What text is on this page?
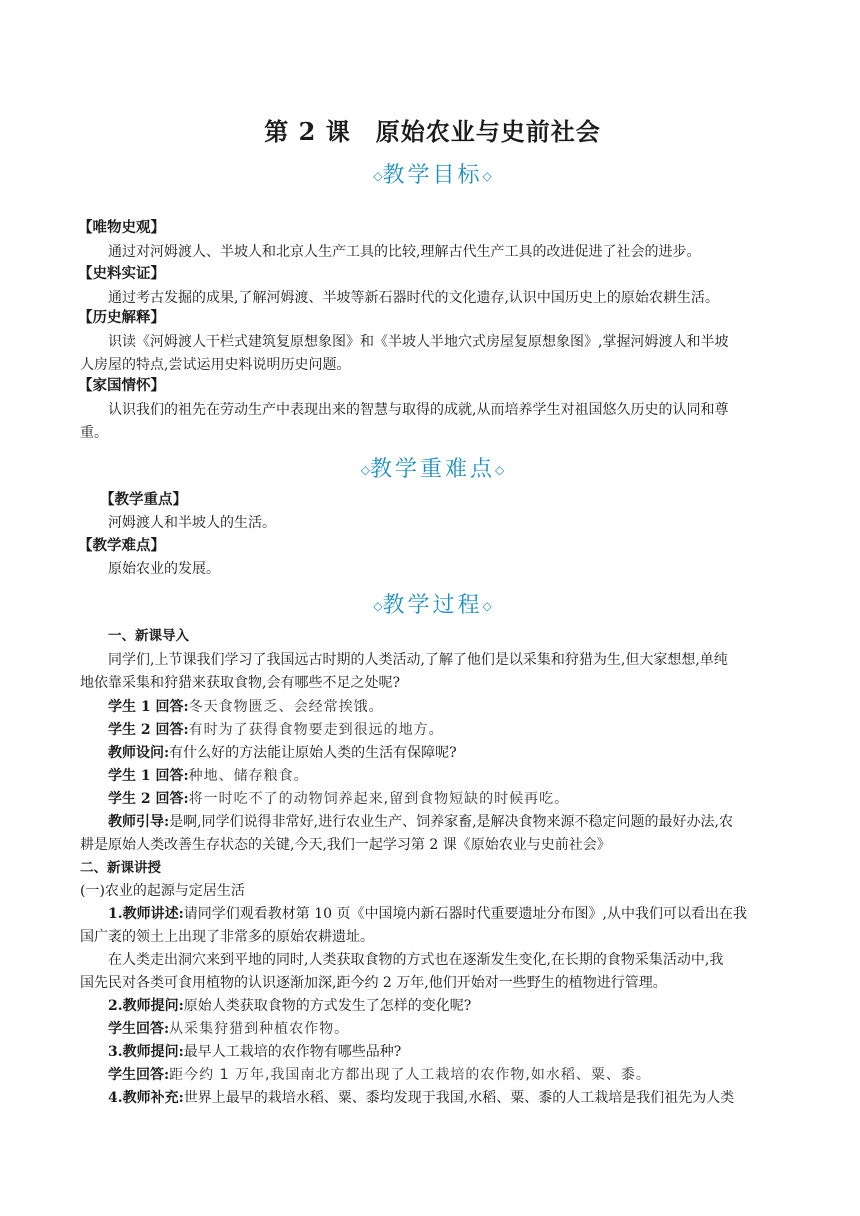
第 2 课　原始农业与史前社会
◇教学目标◇
【唯物史观】
通过对河姆渡人、半坡人和北京人生产工具的比较,理解古代生产工具的改进促进了社会的进步。
【史料实证】
通过考古发掘的成果,了解河姆渡、半坡等新石器时代的文化遗存,认识中国历史上的原始农耕生活。
【历史解释】
识读《河姆渡人干栏式建筑复原想象图》和《半坡人半地穴式房屋复原想象图》,掌握河姆渡人和半坡
人房屋的特点,尝试运用史料说明历史问题。
【家国情怀】
认识我们的祖先在劳动生产中表现出来的智慧与取得的成就,从而培养学生对祖国悠久历史的认同和尊
重。
◇教学重难点◇
【教学重点】
河姆渡人和半坡人的生活。
【教学难点】
原始农业的发展。
◇教学过程◇
一、新课导入
同学们,上节课我们学习了我国远古时期的人类活动,了解了他们是以采集和狩猎为生,但大家想想,单纯
地依靠采集和狩猎来获取食物,会有哪些不足之处呢?
学生 1 回答:冬天食物匮乏、会经常挨饿。
学生 2 回答:有时为了获得食物要走到很远的地方。
教师设问:有什么好的方法能让原始人类的生活有保障呢?
学生 1 回答:种地、储存粮食。
学生 2 回答:将一时吃不了的动物饲养起来,留到食物短缺的时候再吃。
教师引导:是啊,同学们说得非常好,进行农业生产、饲养家畜,是解决食物来源不稳定问题的最好办法,农
耕是原始人类改善生存状态的关键,今天,我们一起学习第 2 课《原始农业与史前社会》
二、新课讲授
(一)农业的起源与定居生活
1.教师讲述:请同学们观看教材第 10 页《中国境内新石器时代重要遗址分布图》,从中我们可以看出在我
国广袤的领土上出现了非常多的原始农耕遗址。
在人类走出洞穴来到平地的同时,人类获取食物的方式也在逐渐发生变化,在长期的食物采集活动中,我
国先民对各类可食用植物的认识逐渐加深,距今约 2 万年,他们开始对一些野生的植物进行管理。
2.教师提问:原始人类获取食物的方式发生了怎样的变化呢?
学生回答:从采集狩猎到种植农作物。
3.教师提问:最早人工栽培的农作物有哪些品种?
学生回答:距今约 1 万年,我国南北方都出现了人工栽培的农作物,如水稻、粟、黍。
4.教师补充:世界上最早的栽培水稻、粟、黍均发现于我国,水稻、粟、黍的人工栽培是我们祖先为人类
